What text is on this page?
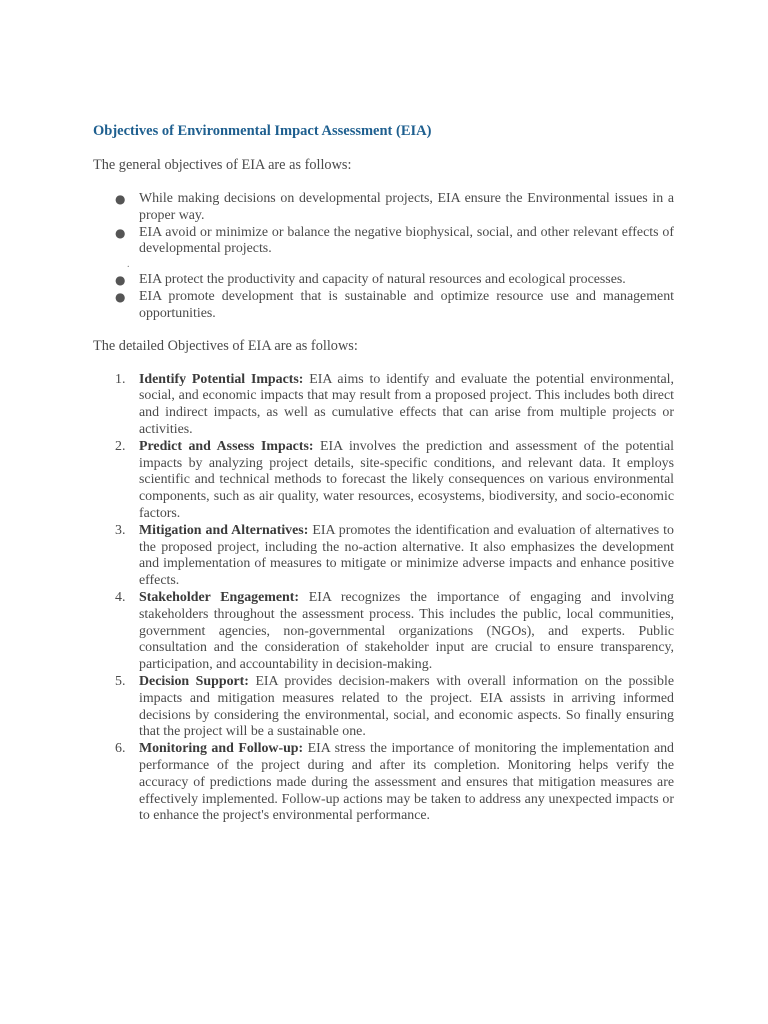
Objectives of Environmental Impact Assessment (EIA)

The general objectives of EIA are as follows:

● While making decisions on developmental projects, EIA ensure the Environmental issues in a proper way.
● EIA avoid or minimize or balance the negative biophysical, social, and other relevant effects of developmental projects.
.
● EIA protect the productivity and capacity of natural resources and ecological processes.
● EIA promote development that is sustainable and optimize resource use and management opportunities.

The detailed Objectives of EIA are as follows:

1. Identify Potential Impacts: EIA aims to identify and evaluate the potential environmental, social, and economic impacts that may result from a proposed project. This includes both direct and indirect impacts, as well as cumulative effects that can arise from multiple projects or activities.
2. Predict and Assess Impacts: EIA involves the prediction and assessment of the potential impacts by analyzing project details, site-specific conditions, and relevant data. It employs scientific and technical methods to forecast the likely consequences on various environmental components, such as air quality, water resources, ecosystems, biodiversity, and socio-economic factors.
3. Mitigation and Alternatives: EIA promotes the identification and evaluation of alternatives to the proposed project, including the no-action alternative. It also emphasizes the development and implementation of measures to mitigate or minimize adverse impacts and enhance positive effects.
4. Stakeholder Engagement: EIA recognizes the importance of engaging and involving stakeholders throughout the assessment process. This includes the public, local communities, government agencies, non-governmental organizations (NGOs), and experts. Public consultation and the consideration of stakeholder input are crucial to ensure transparency, participation, and accountability in decision-making.
5. Decision Support: EIA provides decision-makers with overall information on the possible impacts and mitigation measures related to the project. EIA assists in arriving informed decisions by considering the environmental, social, and economic aspects. So finally ensuring that the project will be a sustainable one.
6. Monitoring and Follow-up: EIA stress the importance of monitoring the implementation and performance of the project during and after its completion. Monitoring helps verify the accuracy of predictions made during the assessment and ensures that mitigation measures are effectively implemented. Follow-up actions may be taken to address any unexpected impacts or to enhance the project's environmental performance.
